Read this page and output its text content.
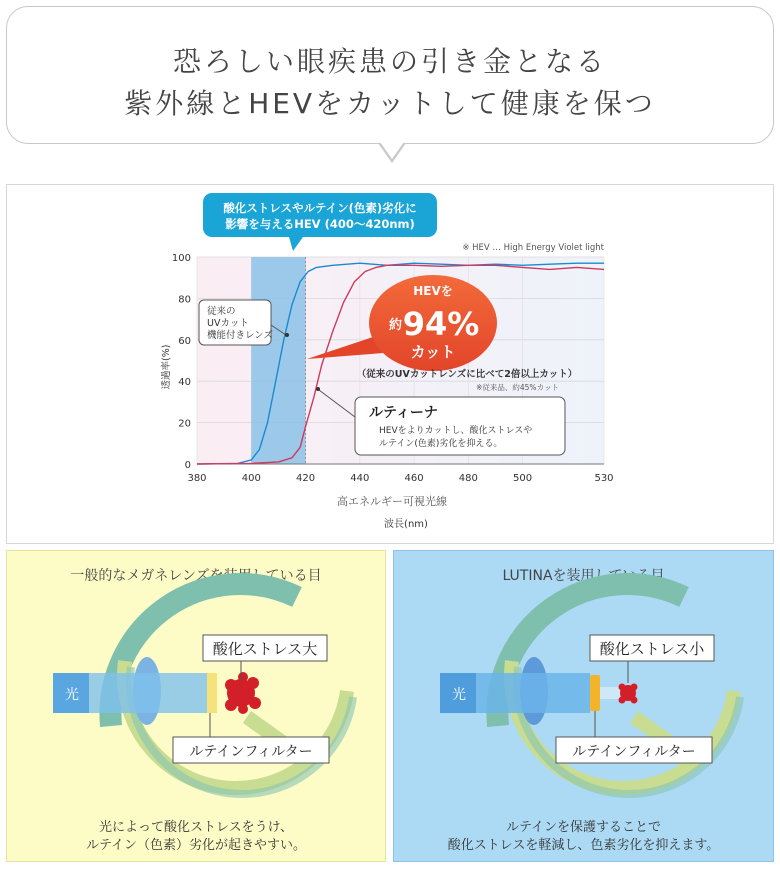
恐ろしい眼疾患の引き金となる
紫外線とHEVをカットして健康を保つ
380	400	420	440	460	480	500	530
0
20
40
60
80
100
酸化ストレスやルテイン(色素)劣化に
影響を与えるHEV (400〜420nm)
※ HEV … High Energy Violet light
従来の
UVカット
機能付きレンズ
HEVを
約 94%
カット
（従来のUVカットレンズに比べて2倍以上カット）
※従来品、約45%カット
ルティーナ
HEVをよりカットし、酸化ストレスや
ルテイン(色素)劣化を抑える。
高エネルギー可視光線
波長(nm)
透過率(%)
一般的なメガネレンズを装用している目
光
酸化ストレス大
ルテインフィルター
光によって酸化ストレスをうけ、
ルテイン（色素）劣化が起きやすい。
LUTINAを装用している目
光
酸化ストレス小
ルテインフィルター
ルテインを保護することで
酸化ストレスを軽減し、色素劣化を抑えます。
